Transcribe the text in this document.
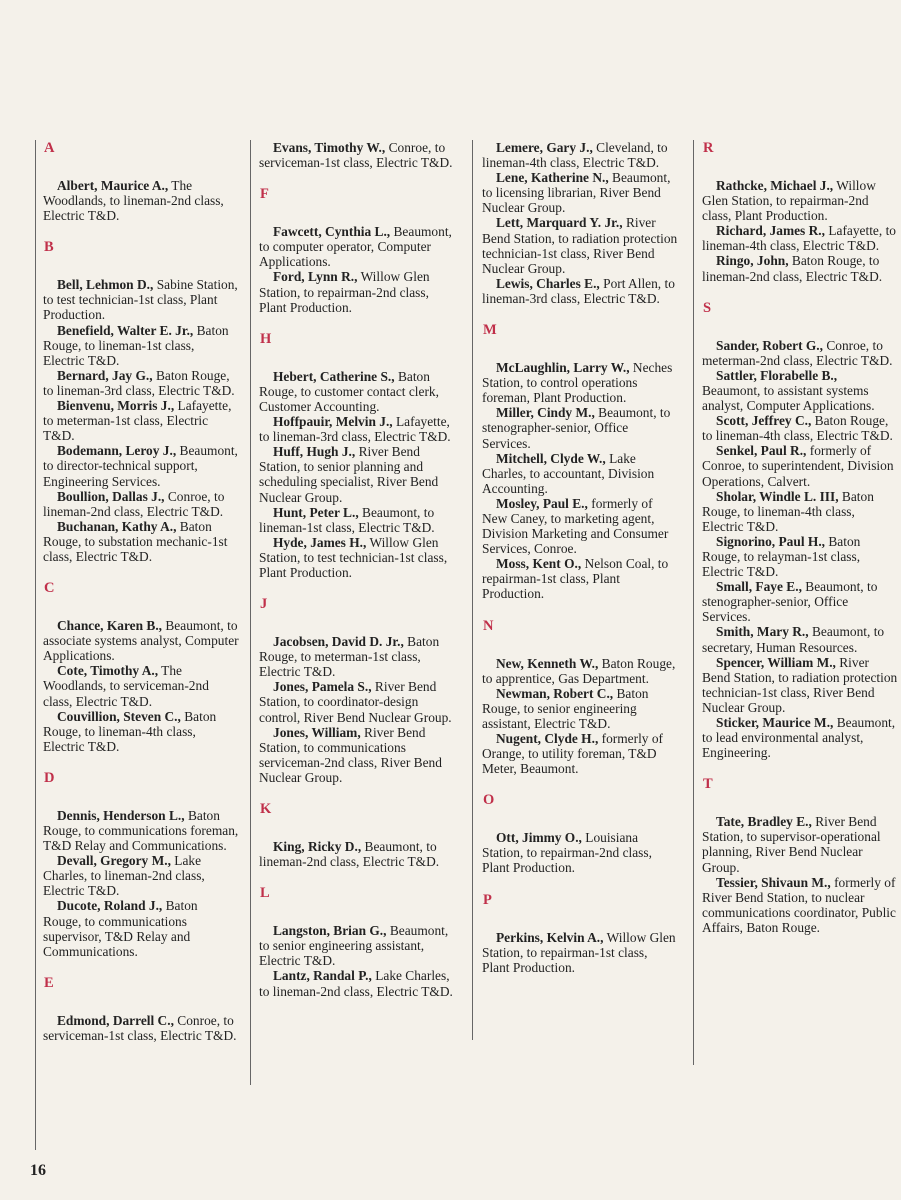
A
Albert, Maurice A., The Woodlands, to lineman-2nd class, Electric T&D.
B
Bell, Lehmon D., Sabine Station, to test technician-1st class, Plant Production.
Benefield, Walter E. Jr., Baton Rouge, to lineman-1st class, Electric T&D.
Bernard, Jay G., Baton Rouge, to lineman-3rd class, Electric T&D.
Bienvenu, Morris J., Lafayette, to meterman-1st class, Electric T&D.
Bodemann, Leroy J., Beaumont, to director-technical support, Engineering Services.
Boullion, Dallas J., Conroe, to lineman-2nd class, Electric T&D.
Buchanan, Kathy A., Baton Rouge, to substation mechanic-1st class, Electric T&D.
C
Chance, Karen B., Beaumont, to associate systems analyst, Computer Applications.
Cote, Timothy A., The Woodlands, to serviceman-2nd class, Electric T&D.
Couvillion, Steven C., Baton Rouge, to lineman-4th class, Electric T&D.
D
Dennis, Henderson L., Baton Rouge, to communications foreman, T&D Relay and Communications.
Devall, Gregory M., Lake Charles, to lineman-2nd class, Electric T&D.
Ducote, Roland J., Baton Rouge, to communications supervisor, T&D Relay and Communications.
E
Edmond, Darrell C., Conroe, to serviceman-1st class, Electric T&D.
Evans, Timothy W., Conroe, to serviceman-1st class, Electric T&D.
F
Fawcett, Cynthia L., Beaumont, to computer operator, Computer Applications.
Ford, Lynn R., Willow Glen Station, to repairman-2nd class, Plant Production.
H
Hebert, Catherine S., Baton Rouge, to customer contact clerk, Customer Accounting.
Hoffpauir, Melvin J., Lafayette, to lineman-3rd class, Electric T&D.
Huff, Hugh J., River Bend Station, to senior planning and scheduling specialist, River Bend Nuclear Group.
Hunt, Peter L., Beaumont, to lineman-1st class, Electric T&D.
Hyde, James H., Willow Glen Station, to test technician-1st class, Plant Production.
J
Jacobsen, David D. Jr., Baton Rouge, to meterman-1st class, Electric T&D.
Jones, Pamela S., River Bend Station, to coordinator-design control, River Bend Nuclear Group.
Jones, William, River Bend Station, to communications serviceman-2nd class, River Bend Nuclear Group.
K
King, Ricky D., Beaumont, to lineman-2nd class, Electric T&D.
L
Langston, Brian G., Beaumont, to senior engineering assistant, Electric T&D.
Lantz, Randal P., Lake Charles, to lineman-2nd class, Electric T&D.
Lemere, Gary J., Cleveland, to lineman-4th class, Electric T&D.
Lene, Katherine N., Beaumont, to licensing librarian, River Bend Nuclear Group.
Lett, Marquard Y. Jr., River Bend Station, to radiation protection technician-1st class, River Bend Nuclear Group.
Lewis, Charles E., Port Allen, to lineman-3rd class, Electric T&D.
M
McLaughlin, Larry W., Neches Station, to control operations foreman, Plant Production.
Miller, Cindy M., Beaumont, to stenographer-senior, Office Services.
Mitchell, Clyde W., Lake Charles, to accountant, Division Accounting.
Mosley, Paul E., formerly of New Caney, to marketing agent, Division Marketing and Consumer Services, Conroe.
Moss, Kent O., Nelson Coal, to repairman-1st class, Plant Production.
N
New, Kenneth W., Baton Rouge, to apprentice, Gas Department.
Newman, Robert C., Baton Rouge, to senior engineering assistant, Electric T&D.
Nugent, Clyde H., formerly of Orange, to utility foreman, T&D Meter, Beaumont.
O
Ott, Jimmy O., Louisiana Station, to repairman-2nd class, Plant Production.
P
Perkins, Kelvin A., Willow Glen Station, to repairman-1st class, Plant Production.
R
Rathcke, Michael J., Willow Glen Station, to repairman-2nd class, Plant Production.
Richard, James R., Lafayette, to lineman-4th class, Electric T&D.
Ringo, John, Baton Rouge, to lineman-2nd class, Electric T&D.
S
Sander, Robert G., Conroe, to meterman-2nd class, Electric T&D.
Sattler, Florabelle B., Beaumont, to assistant systems analyst, Computer Applications.
Scott, Jeffrey C., Baton Rouge, to lineman-4th class, Electric T&D.
Senkel, Paul R., formerly of Conroe, to superintendent, Division Operations, Calvert.
Sholar, Windle L. III, Baton Rouge, to lineman-4th class, Electric T&D.
Signorino, Paul H., Baton Rouge, to relayman-1st class, Electric T&D.
Small, Faye E., Beaumont, to stenographer-senior, Office Services.
Smith, Mary R., Beaumont, to secretary, Human Resources.
Spencer, William M., River Bend Station, to radiation protection technician-1st class, River Bend Nuclear Group.
Sticker, Maurice M., Beaumont, to lead environmental analyst, Engineering.
T
Tate, Bradley E., River Bend Station, to supervisor-operational planning, River Bend Nuclear Group.
Tessier, Shivaun M., formerly of River Bend Station, to nuclear communications coordinator, Public Affairs, Baton Rouge.
16
